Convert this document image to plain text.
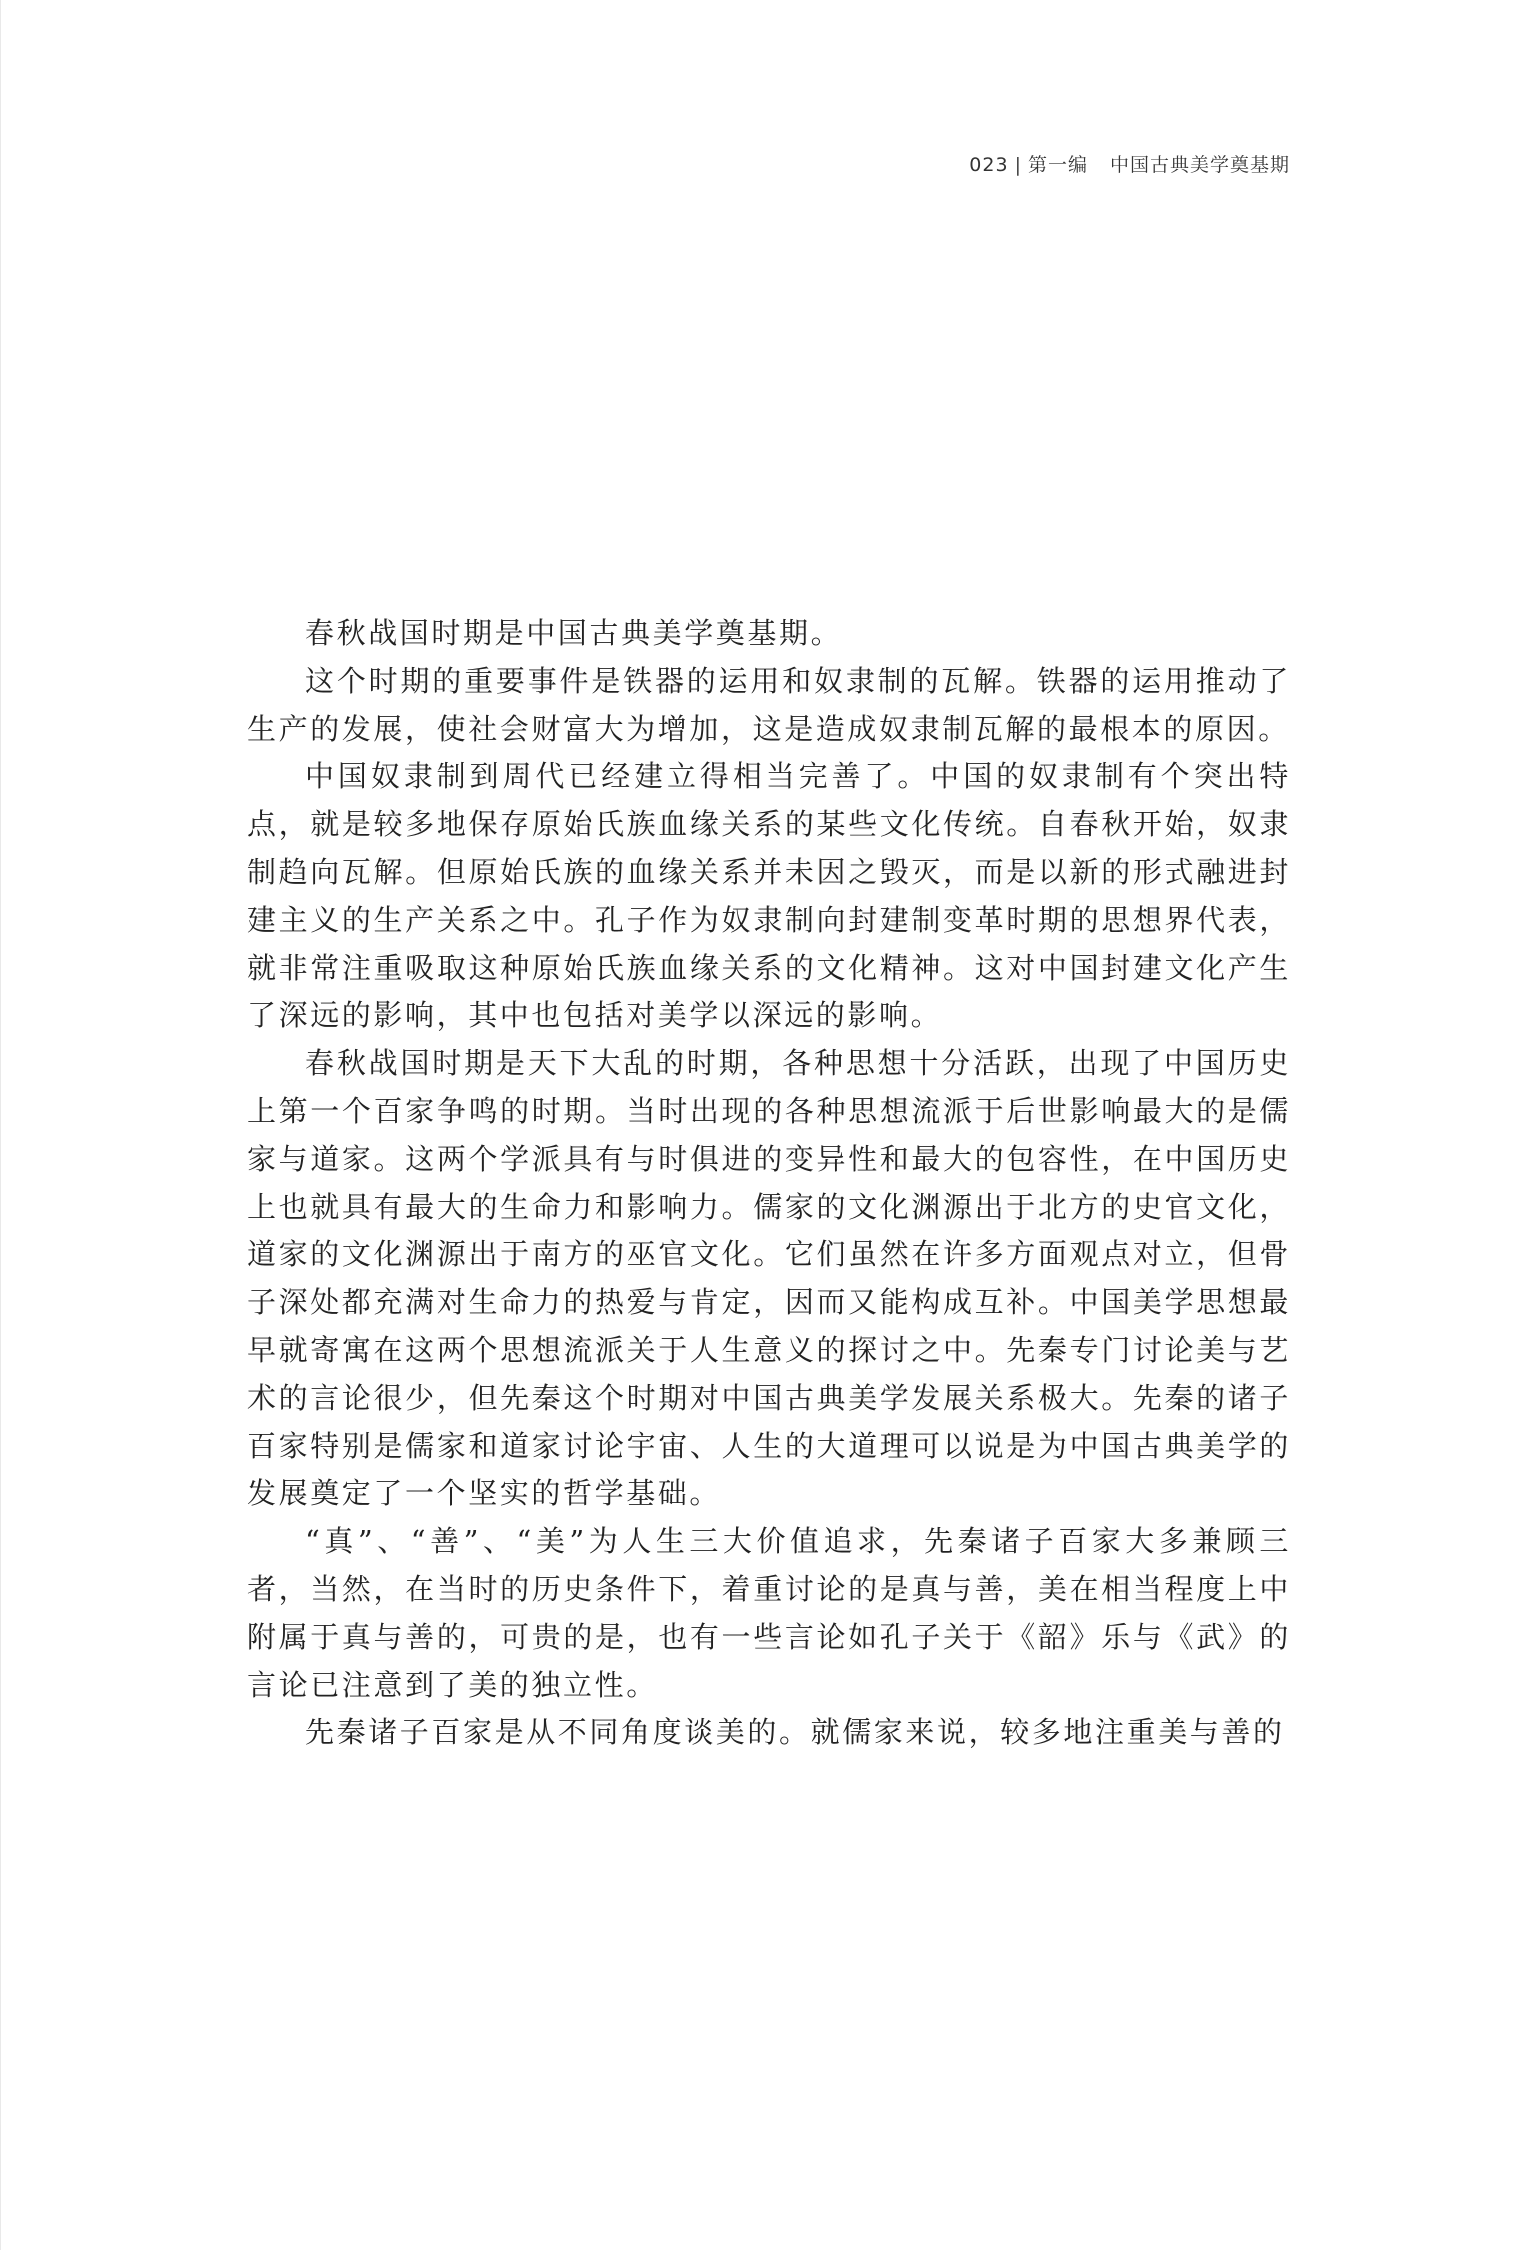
023 | 第一编 中国古典美学奠基期

春秋战国时期是中国古典美学奠基期。

这个时期的重要事件是铁器的运用和奴隶制的瓦解。铁器的运用推动了生产的发展，使社会财富大为增加，这是造成奴隶制瓦解的最根本的原因。

中国奴隶制到周代已经建立得相当完善了。中国的奴隶制有个突出特点，就是较多地保存原始氏族血缘关系的某些文化传统。自春秋开始，奴隶制趋向瓦解。但原始氏族的血缘关系并未因之毁灭，而是以新的形式融进封建主义的生产关系之中。孔子作为奴隶制向封建制变革时期的思想界代表，就非常注重吸取这种原始氏族血缘关系的文化精神。这对中国封建文化产生了深远的影响，其中也包括对美学以深远的影响。

春秋战国时期是天下大乱的时期，各种思想十分活跃，出现了中国历史上第一个百家争鸣的时期。当时出现的各种思想流派于后世影响最大的是儒家与道家。这两个学派具有与时俱进的变异性和最大的包容性，在中国历史上也就具有最大的生命力和影响力。儒家的文化渊源出于北方的史官文化，道家的文化渊源出于南方的巫官文化。它们虽然在许多方面观点对立，但骨子深处都充满对生命力的热爱与肯定，因而又能构成互补。中国美学思想最早就寄寓在这两个思想流派关于人生意义的探讨之中。先秦专门讨论美与艺术的言论很少，但先秦这个时期对中国古典美学发展关系极大。先秦的诸子百家特别是儒家和道家讨论宇宙、人生的大道理可以说是为中国古典美学的发展奠定了一个坚实的哲学基础。

“真”、“善”、“美”为人生三大价值追求，先秦诸子百家大多兼顾三者，当然，在当时的历史条件下，着重讨论的是真与善，美在相当程度上中附属于真与善的，可贵的是，也有一些言论如孔子关于《韶》乐与《武》的言论已注意到了美的独立性。

先秦诸子百家是从不同角度谈美的。就儒家来说，较多地注重美与善的
